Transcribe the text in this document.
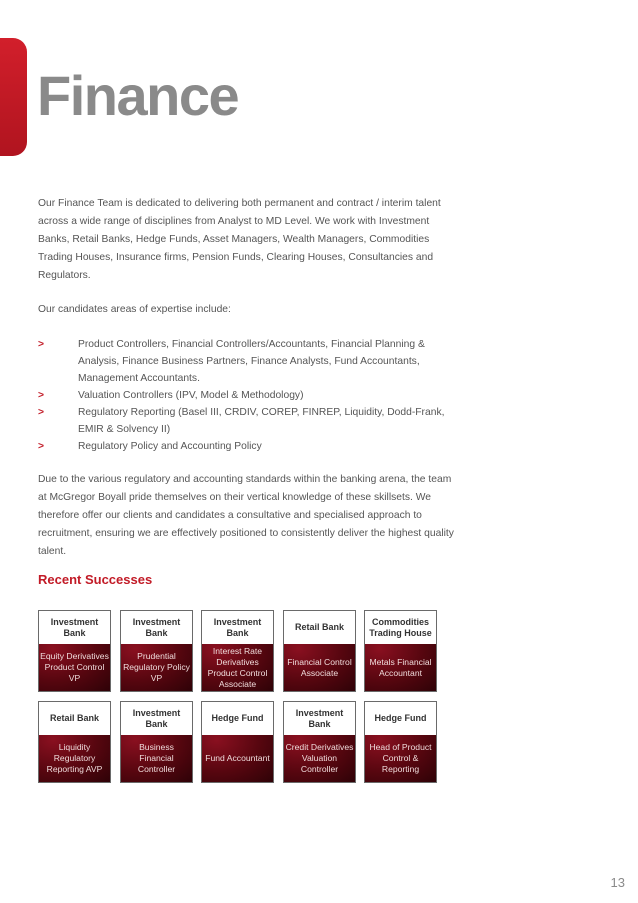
Finance

Our Finance Team is dedicated to delivering both permanent and contract / interim talent across a wide range of disciplines from Analyst to MD Level. We work with Investment Banks, Retail Banks, Hedge Funds, Asset Managers, Wealth Managers, Commodities Trading Houses, Insurance firms, Pension Funds, Clearing Houses, Consultancies and Regulators.

Our candidates areas of expertise include:

>	Product Controllers, Financial Controllers/Accountants, Financial Planning & Analysis, Finance Business Partners, Finance Analysts, Fund Accountants, Management Accountants.
>	Valuation Controllers (IPV, Model & Methodology)
>	Regulatory Reporting (Basel III, CRDIV, COREP, FINREP, Liquidity, Dodd-Frank, EMIR & Solvency II)
>	Regulatory Policy and Accounting Policy

Due to the various regulatory and accounting standards within the banking arena, the team at McGregor Boyall pride themselves on their vertical knowledge of these skillsets. We therefore offer our clients and candidates a consultative and specialised approach to recruitment, ensuring we are effectively positioned to consistently deliver the highest quality talent.

Recent Successes
Investment Bank
Equity Derivatives Product Control VP
Investment Bank
Prudential Regulatory Policy VP
Investment Bank
Interest Rate Derivatives Product Control Associate
Retail Bank
Financial Control Associate
Commodities Trading House
Metals Financial Accountant
Retail Bank
Liquidity Regulatory Reporting AVP
Investment Bank
Business Financial Controller
Hedge Fund
Fund Accountant
Investment Bank
Credit Derivatives Valuation Controller
Hedge Fund
Head of Product Control & Reporting
13
